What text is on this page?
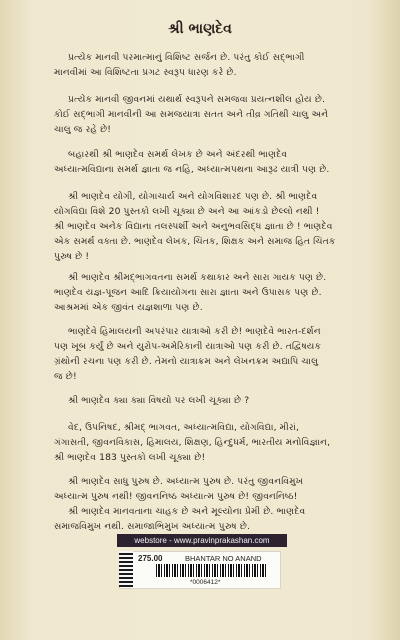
શ્રી ભાણદેવ
પ્રત્યેક માનવી પરમાત્માનું વિશિષ્ટ સર્જન છે. પરંતુ કોઈ સદ્ભાગી
માનવીમાં આ વિશિષ્ટતા પ્રગટ સ્વરૂપ ધારણ કરે છે.
પ્રત્યેક માનવી જીવનમાં યથાર્થ સ્વરૂપને સમજવા પ્રયત્નશીલ હોય છે.
કોઈ સદ્ભાગી માનવીની આ સમજયાત્રા સતત અને તીવ્ર ગતિથી ચાલુ અને
ચાલુ જ રહે છે!
બહારથી શ્રી ભાણદેવ સમર્થ લેખક છે અને અંદરથી ભાણદેવ
અધ્યાત્મવિદ્યાના સમર્થ જ્ઞાતા જ નહિ, અધ્યાત્મપથના આરૂઢ યાત્રી પણ છે.
શ્રી ભાણદેવ યોગી, યોગાચાર્ય અને યોગવિશારદ પણ છે. શ્રી ભાણદેવ
યોગવિદ્યા વિશે 20 પુસ્તકો લખી ચૂક્યા છે અને આ આંકડો છેલ્લો નથી !
શ્રી ભાણદેવ અનેક વિદ્યાના તલસ્પર્શી અને અનુભવસિદ્ધ જ્ઞાતા છે ! ભાણદેવ
એક સમર્થ વક્તા છે. ભાણદેવ લેખક, ચિંતક, શિક્ષક અને સમાજ હિત ચિંતક
પુરુષ છે !
શ્રી ભાણદેવ શ્રીમદ્ભાગવતના સમર્થ કથાકાર અને સારા ગાયક પણ છે.
ભાણદેવ યજ્ઞ-પૂજન આદિ ક્રિયાયોગના સારા જ્ઞાતા અને ઉપાસક પણ છે.
આશ્રમમાં એક જીવંત યજ્ઞશાળા પણ છે.
ભાણદેવે હિમાલયની અપરંપાર યાત્રાઓ કરી છે! ભાણદેવે ભારત-દર્શન
પણ ખૂબ કર્યું છે અને યુરોપ-અમેરિકાની યાત્રાઓ પણ કરી છે. તદ્વિષયક
ગ્રંથોની રચના પણ કરી છે. તેમનો યાત્રાક્રમ અને લેખનક્રમ અદ્યાપિ ચાલુ
જ છે!
શ્રી ભાણદેવ ક્યા ક્યા વિષયો પર લખી ચૂક્યા છે ?
વેદ, ઉપનિષદ, શ્રીમદ્ ભાગવત, અધ્યાત્મવિદ્યા, યોગવિદ્યા, મીરાં,
ગંગાસતી, જીવનવિકાસ, હિમાલય, શિક્ષણ, હિન્દુધર્મ, ભારતીય મનોવિજ્ઞાન,
શ્રી ભાણદેવ 183 પુસ્તકો લખી ચૂક્યા છે!
શ્રી ભાણદેવ સાધુ પુરુષ છે. અધ્યાત્મ પુરુષ છે. પરંતુ જીવનવિમુખ
અધ્યાત્મ પુરુષ નથી! જીવનનિષ્ઠ અધ્યાત્મ પુરુષ છે! જીવનનિષ્ઠ!
શ્રી ભાણદેવ માનવતાના ચાહક છે અને મૂલ્યોના પ્રેમી છે. ભાણદેવ
સમાજવિમુખ નથી. સમાજાભિમુખ અધ્યાત્મ પુરુષ છે.
webstore - www.pravinprakashan.com
275.00	BHANTAR NO ANAND
*0006412*
